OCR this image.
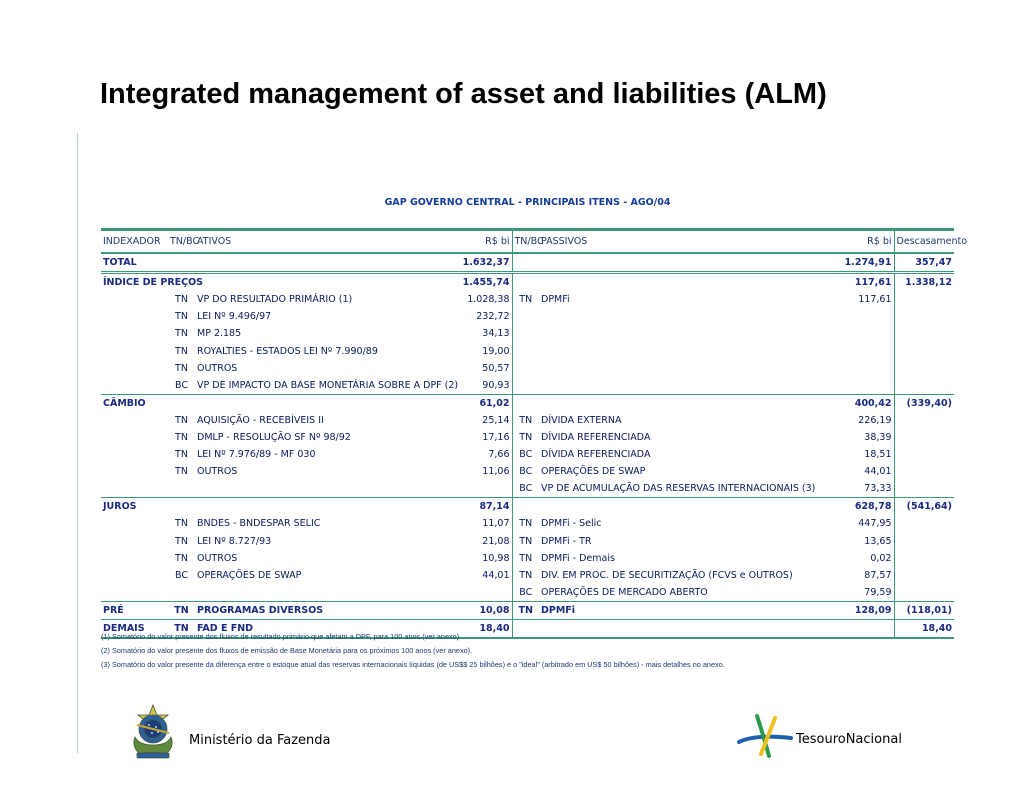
Integrated management of asset and liabilities (ALM)
GAP GOVERNO CENTRAL - PRINCIPAIS ITENS - AGO/04
INDEXADOR	TN/BC	ATIVOS	R$ bi	TN/BC	PASSIVOS	R$ bi	Descasamento
TOTAL			1.632,37			1.274,91	357,47
ÍNDICE DE PREÇOS			1.455,74			117,61	1.338,12
	TN	VP DO RESULTADO PRIMÁRIO (1)	1.028,38	TN	DPMFi	117,61	
	TN	LEI Nº 9.496/97	232,72				
	TN	MP 2.185	34,13				
	TN	ROYALTIES - ESTADOS LEI Nº 7.990/89	19,00				
	TN	OUTROS	50,57				
	BC	VP DE IMPACTO DA BASE MONETÁRIA SOBRE A DPF (2)	90,93				
CÂMBIO			61,02			400,42	(339,40)
	TN	AQUISIÇÃO - RECEBÍVEIS II	25,14	TN	DÍVIDA EXTERNA	226,19	
	TN	DMLP - RESOLUÇÃO SF Nº 98/92	17,16	TN	DÍVIDA REFERENCIADA	38,39	
	TN	LEI Nº 7.976/89 - MF 030	7,66	BC	DÍVIDA REFERENCIADA	18,51	
	TN	OUTROS	11,06	BC	OPERAÇÕES DE SWAP	44,01	
				BC	VP DE ACUMULAÇÃO DAS RESERVAS INTERNACIONAIS (3)	73,33	
JUROS			87,14			628,78	(541,64)
	TN	BNDES - BNDESPAR SELIC	11,07	TN	DPMFi - Selic	447,95	
	TN	LEI Nº 8.727/93	21,08	TN	DPMFi - TR	13,65	
	TN	OUTROS	10,98	TN	DPMFi - Demais	0,02	
	BC	OPERAÇÕES DE SWAP	44,01	TN	DIV. EM PROC. DE SECURITIZAÇÃO (FCVS e OUTROS)	87,57	
				BC	OPERAÇÕES DE MERCADO ABERTO	79,59	
PRÉ	TN	PROGRAMAS DIVERSOS	10,08	TN	DPMFi	128,09	(118,01)
DEMAIS	TN	FAD E FND	18,40				18,40
(1) Somatório do valor presente dos fluxos de resultado primário que afetam a DPF, para 100 anos (ver anexo).
(2) Somatório do valor presente dos fluxos de emissão de Base Monetária para os próximos 100 anos (ver anexo).
(3) Somatório do valor presente da diferença entre o estoque atual das reservas internacionais líquidas (de US$$ 25 bilhões) e o "ideal" (arbitrado em US$ 50 bilhões) - mais detalhes no anexo.
Ministério da Fazenda	TesouroNacional
